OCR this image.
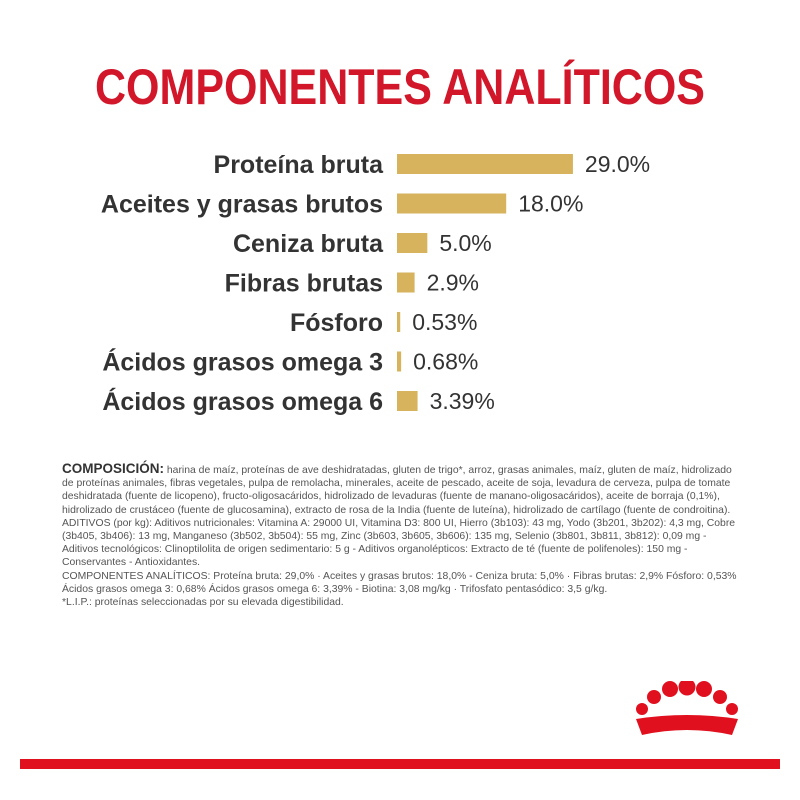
COMPONENTES ANALÍTICOS
Proteína bruta	29.0%
Aceites y grasas brutos	18.0%
Ceniza bruta 5.0%
Fibras brutas 2.9%
Fósforo 0.53%
Ácidos grasos omega 3 0.68%
Ácidos grasos omega 6 3.39%

COMPOSICIÓN: harina de maíz, proteínas de ave deshidratadas, gluten de trigo*, arroz, grasas animales, maíz, gluten de maíz, hidrolizado de proteínas animales, fibras vegetales, pulpa de remolacha, minerales, aceite de pescado, aceite de soja, levadura de cerveza, pulpa de tomate deshidratada (fuente de licopeno), fructo-oligosacáridos, hidrolizado de levaduras (fuente de manano-oligosacáridos), aceite de borraja (0,1%), hidrolizado de crustáceo (fuente de glucosamina), extracto de rosa de la India (fuente de luteína), hidrolizado de cartílago (fuente de condroitina).

ADITIVOS (por kg): Aditivos nutricionales: Vitamina A: 29000 UI, Vitamina D3: 800 UI, Hierro (3b103): 43 mg, Yodo (3b201, 3b202): 4,3 mg, Cobre (3b405, 3b406): 13 mg, Manganeso (3b502, 3b504): 55 mg, Zinc (3b603, 3b605, 3b606): 135 mg, Selenio (3b801, 3b811, 3b812): 0,09 mg - Aditivos tecnológicos: Clinoptilolita de origen sedimentario: 5 g - Aditivos organolépticos: Extracto de té (fuente de polifenoles): 150 mg - Conservantes - Antioxidantes.

COMPONENTES ANALÍTICOS: Proteína bruta: 29,0% · Aceites y grasas brutos: 18,0% - Ceniza bruta: 5,0% · Fibras brutas: 2,9% Fósforo: 0,53% Ácidos grasos omega 3: 0,68% Ácidos grasos omega 6: 3,39% - Biotina: 3,08 mg/kg · Trifosfato pentasódico: 3,5 g/kg.

*L.I.P.: proteínas seleccionadas por su elevada digestibilidad.
